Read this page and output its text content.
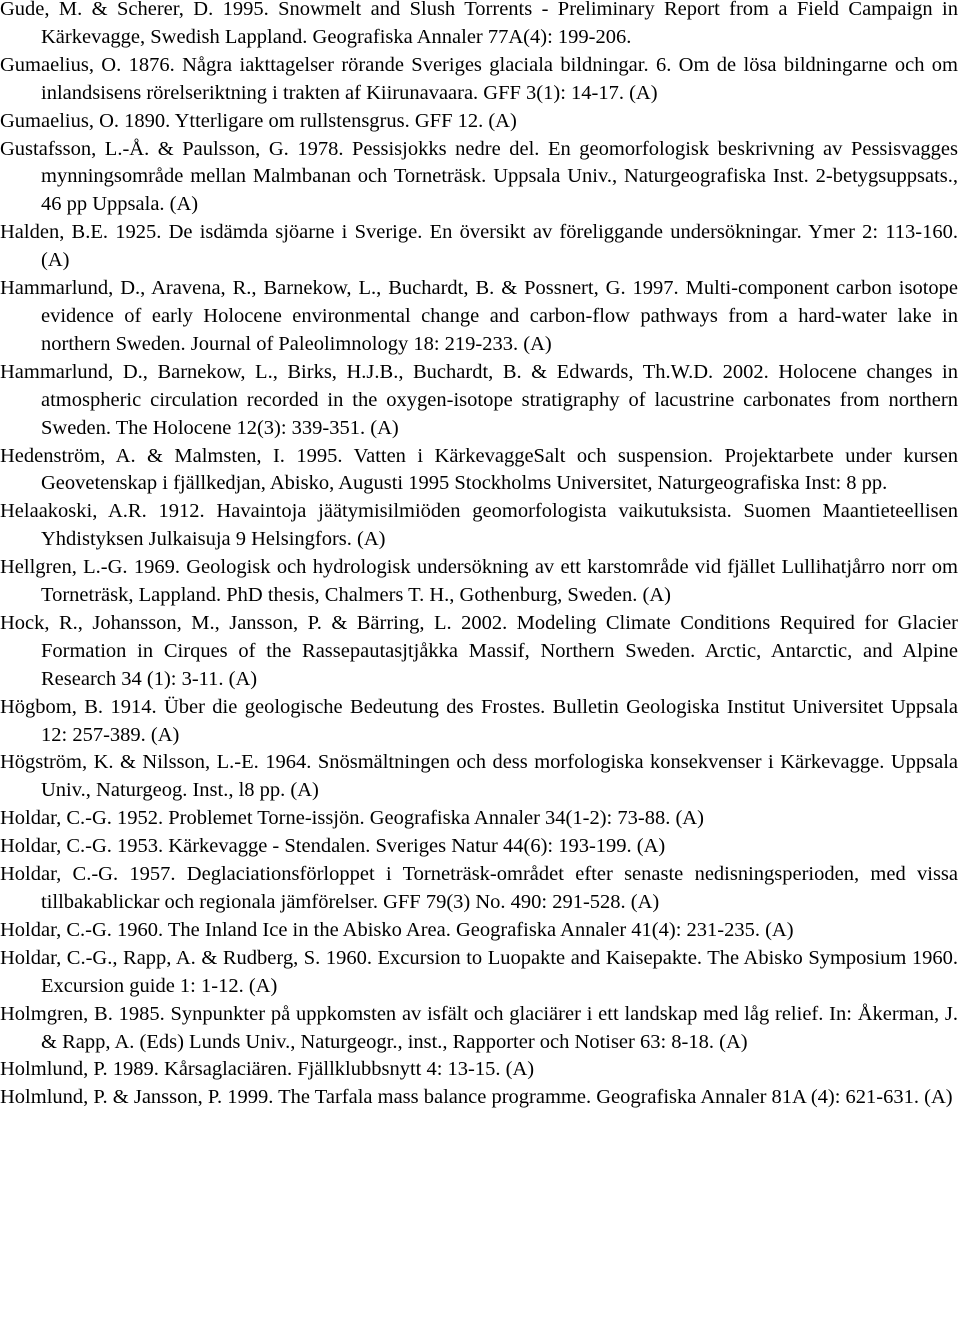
Gude, M. & Scherer, D. 1995. Snowmelt and Slush Torrents - Preliminary Report from a Field Campaign in Kärkevagge, Swedish Lappland. Geografiska Annaler 77A(4): 199-206.

Gumaelius, O. 1876. Några iakttagelser rörande Sveriges glaciala bildningar. 6. Om de lösa bildningarne och om inlandsisens rörelseriktning i trakten af Kiirunavaara. GFF 3(1): 14-17. (A)

Gumaelius, O. 1890. Ytterligare om rullstensgrus. GFF 12. (A)

Gustafsson, L.-Å. & Paulsson, G. 1978. Pessisjokks nedre del. En geomorfologisk beskrivning av Pessisvagges mynningsområde mellan Malmbanan och Torneträsk. Uppsala Univ., Naturgeografiska Inst. 2-betygsuppsats., 46 pp Uppsala. (A)

Halden, B.E. 1925. De isdämda sjöarne i Sverige. En översikt av föreliggande undersökningar. Ymer 2: 113-160. (A)

Hammarlund, D., Aravena, R., Barnekow, L., Buchardt, B. & Possnert, G. 1997. Multi-component carbon isotope evidence of early Holocene environmental change and carbon-flow pathways from a hard-water lake in northern Sweden. Journal of Paleolimnology 18: 219-233. (A)

Hammarlund, D., Barnekow, L., Birks, H.J.B., Buchardt, B. & Edwards, Th.W.D. 2002. Holocene changes in atmospheric circulation recorded in the oxygen-isotope stratigraphy of lacustrine carbonates from northern Sweden. The Holocene 12(3): 339-351. (A)

Hedenström, A. & Malmsten, I. 1995. Vatten i KärkevaggeSalt och suspension. Projektarbete under kursen Geovetenskap i fjällkedjan, Abisko, Augusti 1995 Stockholms Universitet, Naturgeografiska Inst: 8 pp.

Helaakoski, A.R. 1912. Havaintoja jäätymisilmiöden geomorfologista vaikutuksista. Suomen Maantieteellisen Yhdistyksen Julkaisuja 9 Helsingfors. (A)

Hellgren, L.-G. 1969. Geologisk och hydrologisk undersökning av ett karstområde vid fjället Lullihatjårro norr om Torneträsk, Lappland. PhD thesis, Chalmers T. H., Gothenburg, Sweden. (A)

Hock, R., Johansson, M., Jansson, P. & Bärring, L. 2002. Modeling Climate Conditions Required for Glacier Formation in Cirques of the Rassepautasjtjåkka Massif, Northern Sweden. Arctic, Antarctic, and Alpine Research 34 (1): 3-11. (A)

Högbom, B. 1914. Über die geologische Bedeutung des Frostes. Bulletin Geologiska Institut Universitet Uppsala 12: 257-389. (A)

Högström, K. & Nilsson, L.-E. 1964. Snösmältningen och dess morfologiska konsekvenser i Kärkevagge. Uppsala Univ., Naturgeog. Inst., l8 pp. (A)

Holdar, C.-G. 1952. Problemet Torne-issjön. Geografiska Annaler 34(1-2): 73-88. (A)

Holdar, C.-G. 1953. Kärkevagge - Stendalen. Sveriges Natur 44(6): 193-199. (A)

Holdar, C.-G. 1957. Deglaciationsförloppet i Torneträsk-området efter senaste nedisningsperioden, med vissa tillbakablickar och regionala jämförelser. GFF 79(3) No. 490: 291-528. (A)

Holdar, C.-G. 1960. The Inland Ice in the Abisko Area. Geografiska Annaler 41(4): 231-235. (A)

Holdar, C.-G., Rapp, A. & Rudberg, S. 1960. Excursion to Luopakte and Kaisepakte. The Abisko Symposium 1960. Excursion guide 1: 1-12. (A)

Holmgren, B. 1985. Synpunkter på uppkomsten av isfält och glaciärer i ett landskap med låg relief. In: Åkerman, J. & Rapp, A. (Eds) Lunds Univ., Naturgeogr., inst., Rapporter och Notiser 63: 8-18. (A)

Holmlund, P. 1989. Kårsaglaciären. Fjällklubbsnytt 4: 13-15. (A)

Holmlund, P. & Jansson, P. 1999. The Tarfala mass balance programme. Geografiska Annaler 81A (4): 621-631. (A)
